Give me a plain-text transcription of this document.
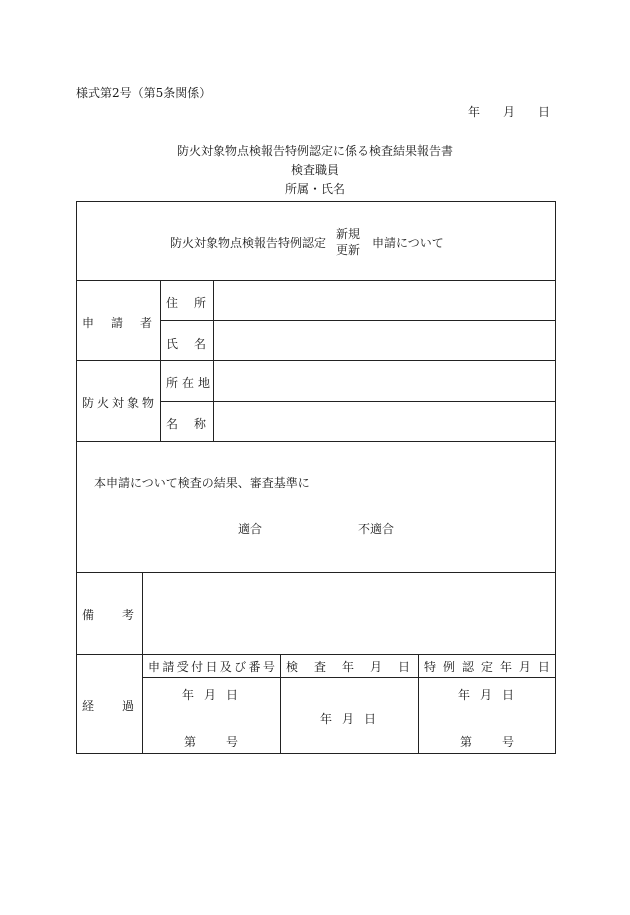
様式第2号（第5条関係）
年 月 日
防火対象物点検報告特例認定に係る検査結果報告書
検査職員
所属・氏名
防火対象物点検報告特例認定
新規
更新 申請について
申 請 者
住 所
氏 名
防 火 対 象 物
所 在 地
名 称
本申請について検査の結果、審査基準に
適合	不適合
備 考
経 過
申 請 受 付 日 及 び 番 号 検 査 年 月 日 特 例 認 定 年 月 日
年 月 日
第 号
年 月 日
年 月 日
第 号
